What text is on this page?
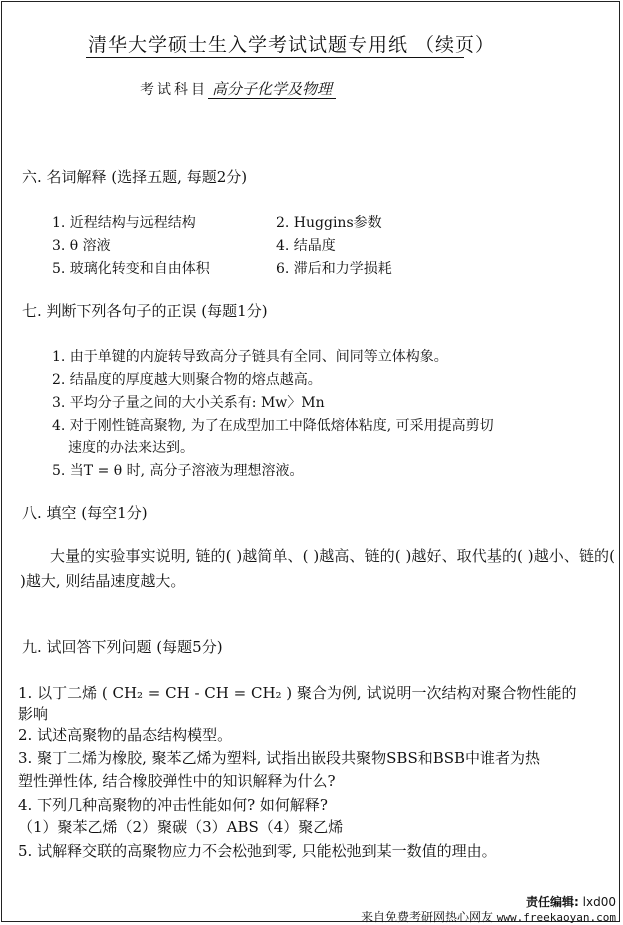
清华大学硕士生入学考试试题专用纸 （续页）
考试科目 高分子化学及物理
六. 名词解释 (选择五题, 每题2分)
1. 近程结构与远程结构	2. Huggins参数
3. θ 溶液	4. 结晶度
5. 玻璃化转变和自由体积	6. 滞后和力学损耗
七. 判断下列各句子的正误 (每题1分)
1. 由于单键的内旋转导致高分子链具有全同、间同等立体构象。
2. 结晶度的厚度越大则聚合物的熔点越高。
3. 平均分子量之间的大小关系有: Mw〉Mn
4. 对于刚性链高聚物, 为了在成型加工中降低熔体粘度, 可采用提高剪切
速度的办法来达到。
5. 当T = θ 时, 高分子溶液为理想溶液。
八. 填空 (每空1分)
大量的实验事实说明, 链的( )越简单、( )越高、链的( )越好、取代基的( )越小、链的( )越大, 则结晶速度越大。
九. 试回答下列问题 (每题5分)
1. 以丁二烯 ( CH₂ = CH - CH = CH₂ ) 聚合为例, 试说明一次结构对聚合物性能的
影响
2. 试述高聚物的晶态结构模型。
3. 聚丁二烯为橡胶, 聚苯乙烯为塑料, 试指出嵌段共聚物SBS和BSB中谁者为热
塑性弹性体, 结合橡胶弹性中的知识解释为什么?
4. 下列几种高聚物的冲击性能如何? 如何解释?
（1）聚苯乙烯（2）聚碳（3）ABS（4）聚乙烯
5. 试解释交联的高聚物应力不会松弛到零, 只能松弛到某一数值的理由。
责任编辑: lxd00
来自免费考研网热心网友 www.freekaoyan.com
